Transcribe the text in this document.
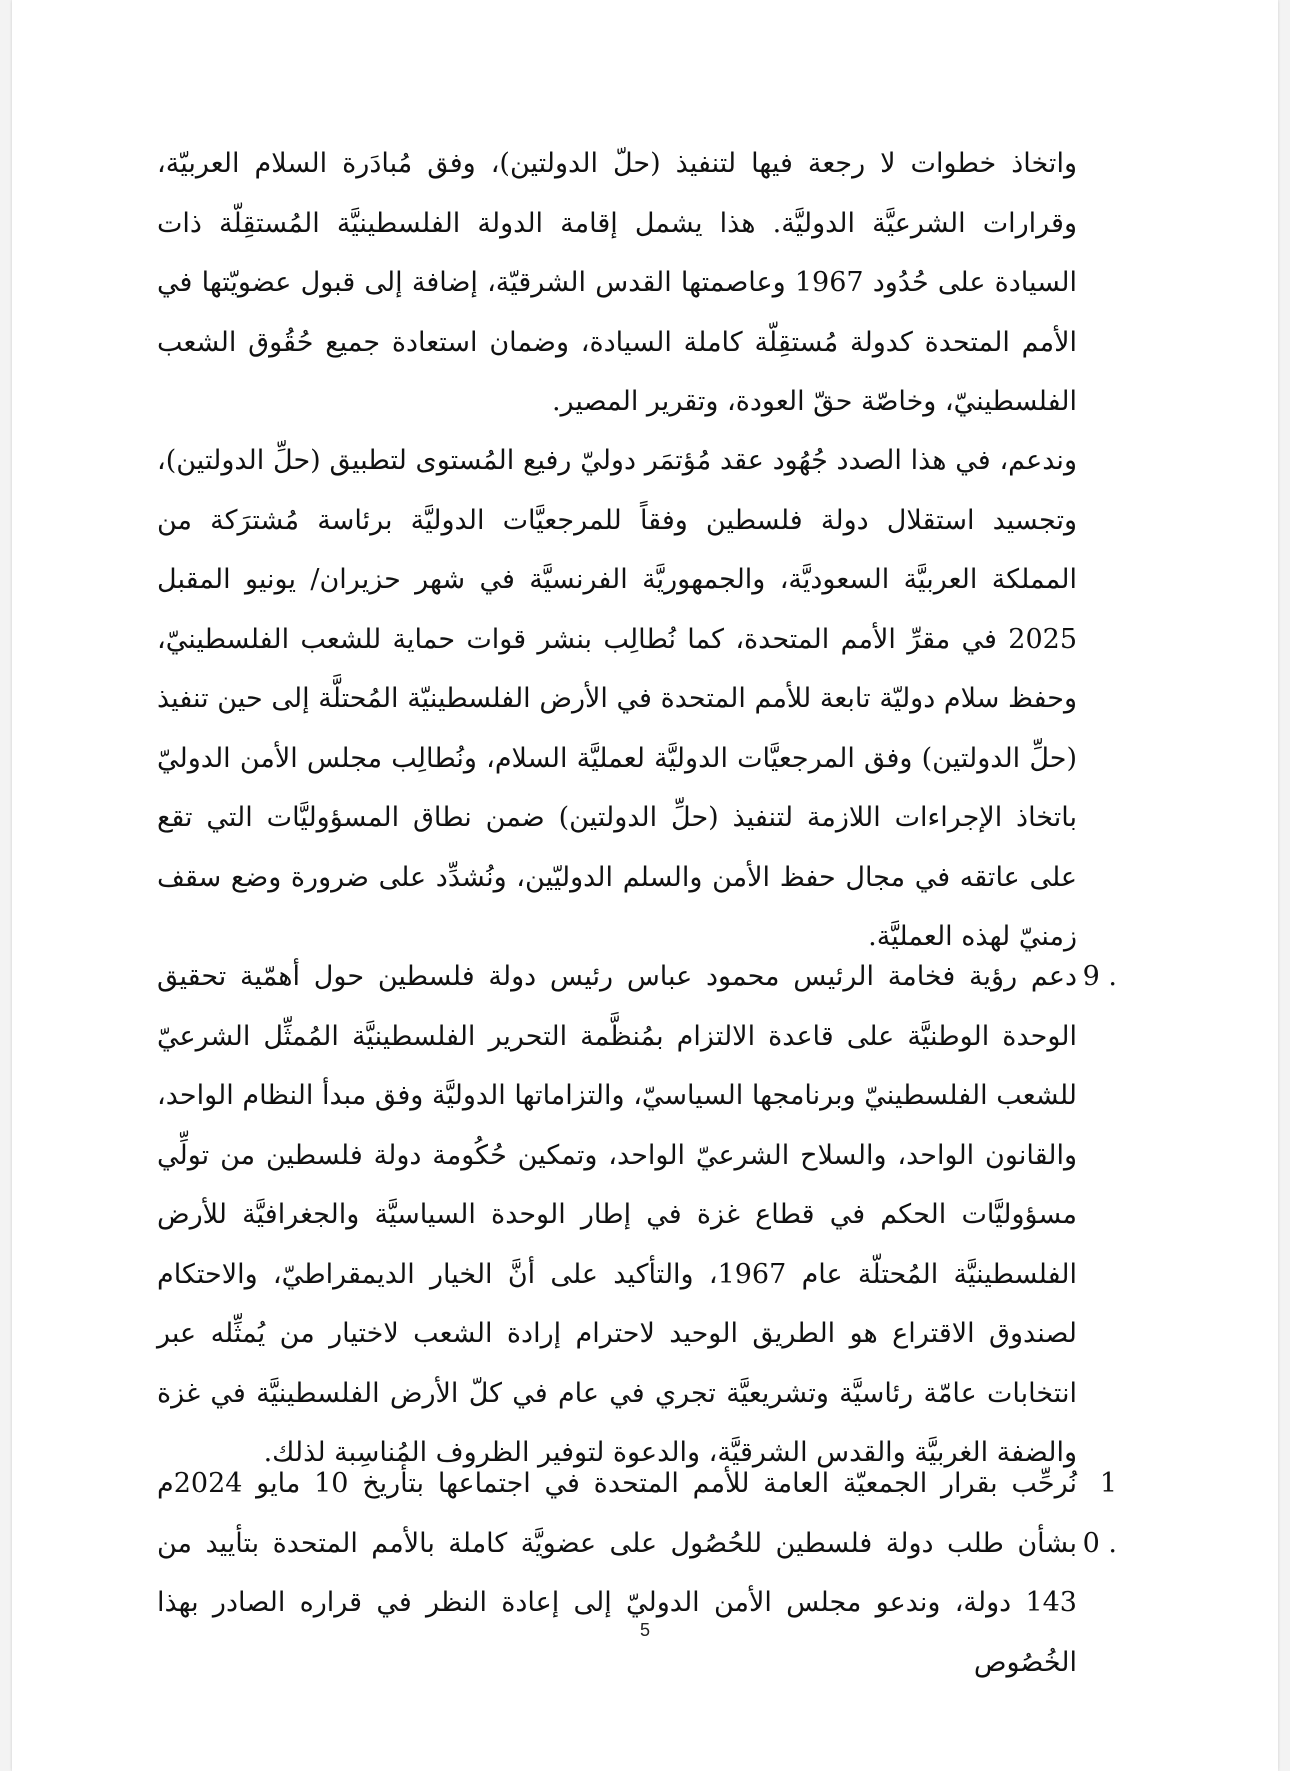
واتخاذ خطوات لا رجعة فيها لتنفيذ (حلّ الدولتين)، وفق مُبادَرة السلام العربيّة، وقرارات الشرعيَّة الدوليَّة. هذا يشمل إقامة الدولة الفلسطينيَّة المُستقِلّة ذات السيادة على حُدُود 1967 وعاصمتها القدس الشرقيّة، إضافة إلى قبول عضويّتها في الأمم المتحدة كدولة مُستقِلّة كاملة السيادة، وضمان استعادة جميع حُقُوق الشعب الفلسطينيّ، وخاصّة حقّ العودة، وتقرير المصير.

وندعم، في هذا الصدد جُهُود عقد مُؤتمَر دوليّ رفيع المُستوى لتطبيق (حلِّ الدولتين)، وتجسيد استقلال دولة فلسطين وفقاً للمرجعيَّات الدوليَّة برئاسة مُشترَكة من المملكة العربيَّة السعوديَّة، والجمهوريَّة الفرنسيَّة في شهر حزيران/ يونيو المقبل 2025 في مقرِّ الأمم المتحدة، كما نُطالِب بنشر قوات حماية للشعب الفلسطينيّ، وحفظ سلام دوليّة تابعة للأمم المتحدة في الأرض الفلسطينيّة المُحتلَّة إلى حين تنفيذ (حلِّ الدولتين) وفق المرجعيَّات الدوليَّة لعمليَّة السلام، ونُطالِب مجلس الأمن الدوليّ باتخاذ الإجراءات اللازمة لتنفيذ (حلِّ الدولتين) ضمن نطاق المسؤوليَّات التي تقع على عاتقه في مجال حفظ الأمن والسلم الدوليّين، ونُشدِّد على ضرورة وضع سقف زمنيّ لهذه العمليَّة.

9 .
دعم رؤية فخامة الرئيس محمود عباس رئيس دولة فلسطين حول أهمّية تحقيق الوحدة الوطنيَّة على قاعدة الالتزام بمُنظَّمة التحرير الفلسطينيَّة المُمثِّل الشرعيّ للشعب الفلسطينيّ وبرنامجها السياسيّ، والتزاماتها الدوليَّة وفق مبدأ النظام الواحد، والقانون الواحد، والسلاح الشرعيّ الواحد، وتمكين حُكُومة دولة فلسطين من تولِّي مسؤوليَّات الحكم في قطاع غزة في إطار الوحدة السياسيَّة والجغرافيَّة للأرض الفلسطينيَّة المُحتلّة عام 1967، والتأكيد على أنَّ الخيار الديمقراطيّ، والاحتكام لصندوق الاقتراع هو الطريق الوحيد لاحترام إرادة الشعب لاختيار من يُمثِّله عبر انتخابات عامّة رئاسيَّة وتشريعيَّة تجري في عام في كلّ الأرض الفلسطينيَّة في غزة والضفة الغربيَّة والقدس الشرقيَّة، والدعوة لتوفير الظروف المُناسِبة لذلك.
1 0 .
نُرحِّب بقرار الجمعيّة العامة للأمم المتحدة في اجتماعها بتأريخ 10 مايو 2024م بشأن طلب دولة فلسطين للحُصُول على عضويَّة كاملة بالأمم المتحدة بتأييد من 143 دولة، وندعو مجلس الأمن الدوليّ إلى إعادة النظر في قراره الصادر بهذا الخُصُوص
5
